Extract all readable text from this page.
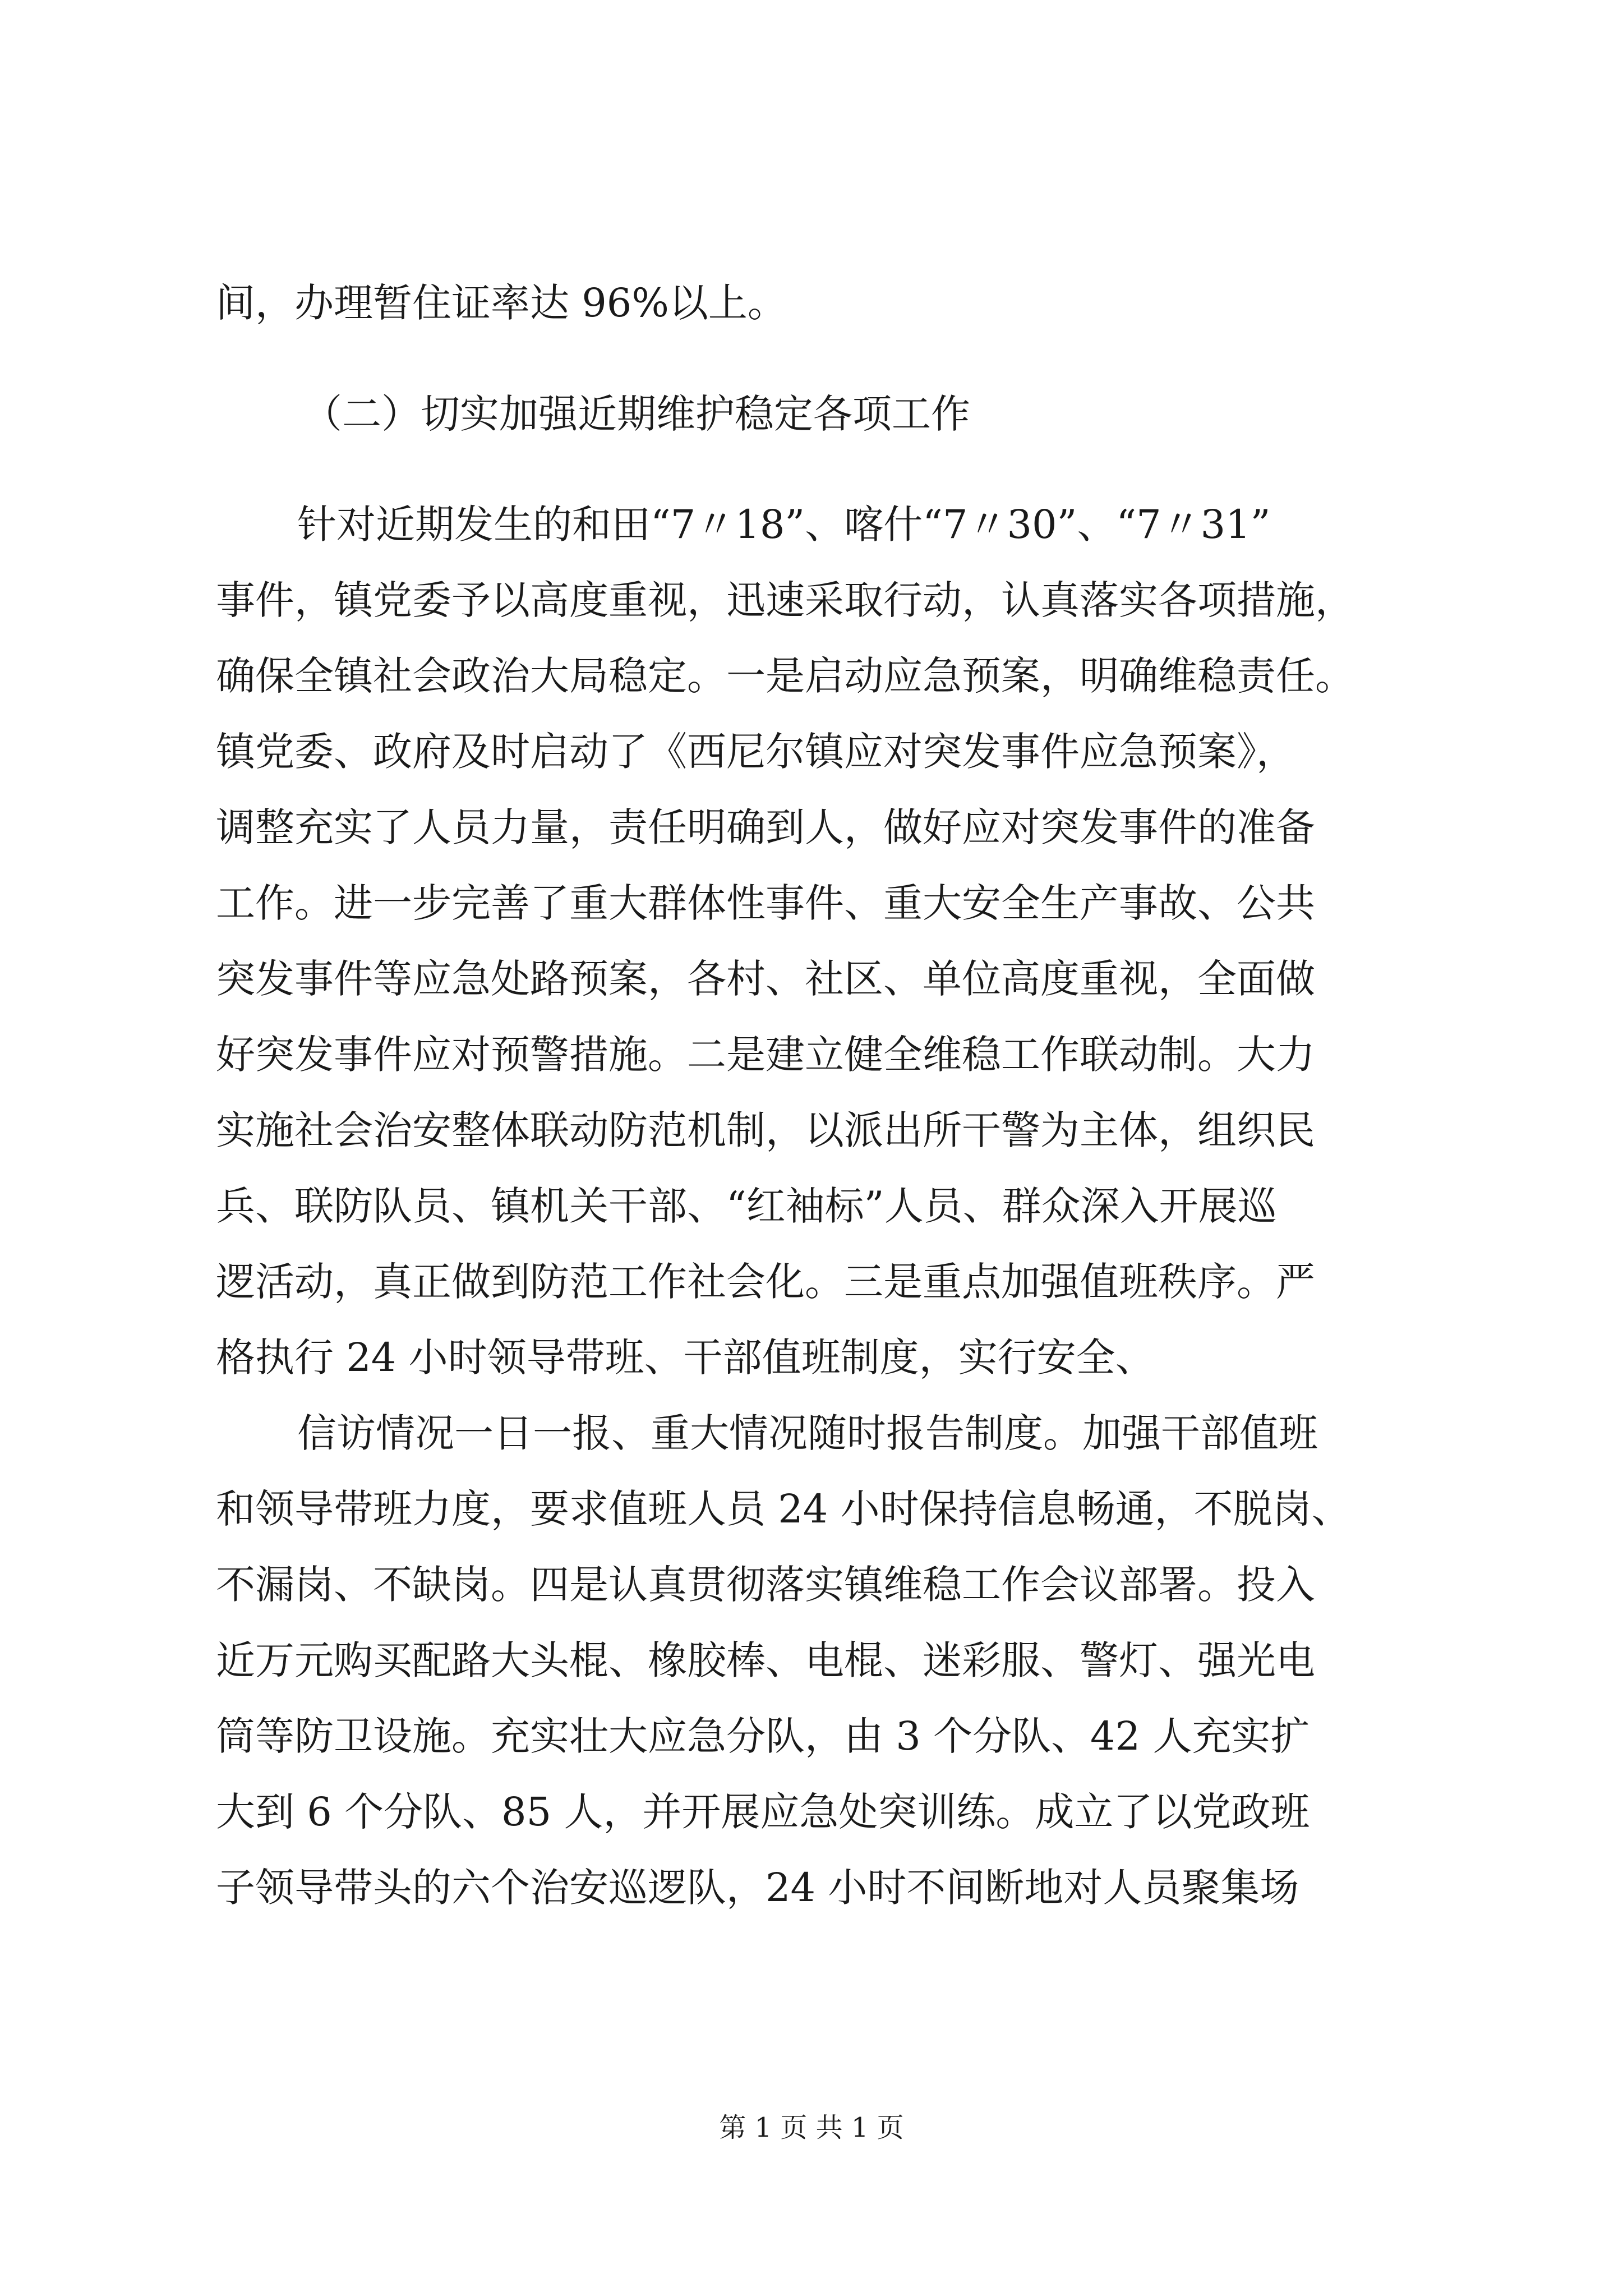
间，办理暂住证率达 96%以上。
（二）切实加强近期维护稳定各项工作
针对近期发生的和田“7〃18”、喀什“7〃30”、“7〃31”
事件，镇党委予以高度重视，迅速采取行动，认真落实各项措施，
确保全镇社会政治大局稳定。一是启动应急预案，明确维稳责任。
镇党委、政府及时启动了《西尼尔镇应对突发事件应急预案》，
调整充实了人员力量，责任明确到人，做好应对突发事件的准备
工作。进一步完善了重大群体性事件、重大安全生产事故、公共
突发事件等应急处路预案，各村、社区、单位高度重视，全面做
好突发事件应对预警措施。二是建立健全维稳工作联动制。大力
实施社会治安整体联动防范机制，以派出所干警为主体，组织民
兵、联防队员、镇机关干部、“红袖标”人员、群众深入开展巡
逻活动，真正做到防范工作社会化。三是重点加强值班秩序。严
格执行 24 小时领导带班、干部值班制度，实行安全、
信访情况一日一报、重大情况随时报告制度。加强干部值班
和领导带班力度，要求值班人员 24 小时保持信息畅通，不脱岗、
不漏岗、不缺岗。四是认真贯彻落实镇维稳工作会议部署。投入
近万元购买配路大头棍、橡胶棒、电棍、迷彩服、警灯、强光电
筒等防卫设施。充实壮大应急分队，由 3 个分队、42 人充实扩
大到 6 个分队、85 人，并开展应急处突训练。成立了以党政班
子领导带头的六个治安巡逻队，24 小时不间断地对人员聚集场
第 1 页 共 1 页
